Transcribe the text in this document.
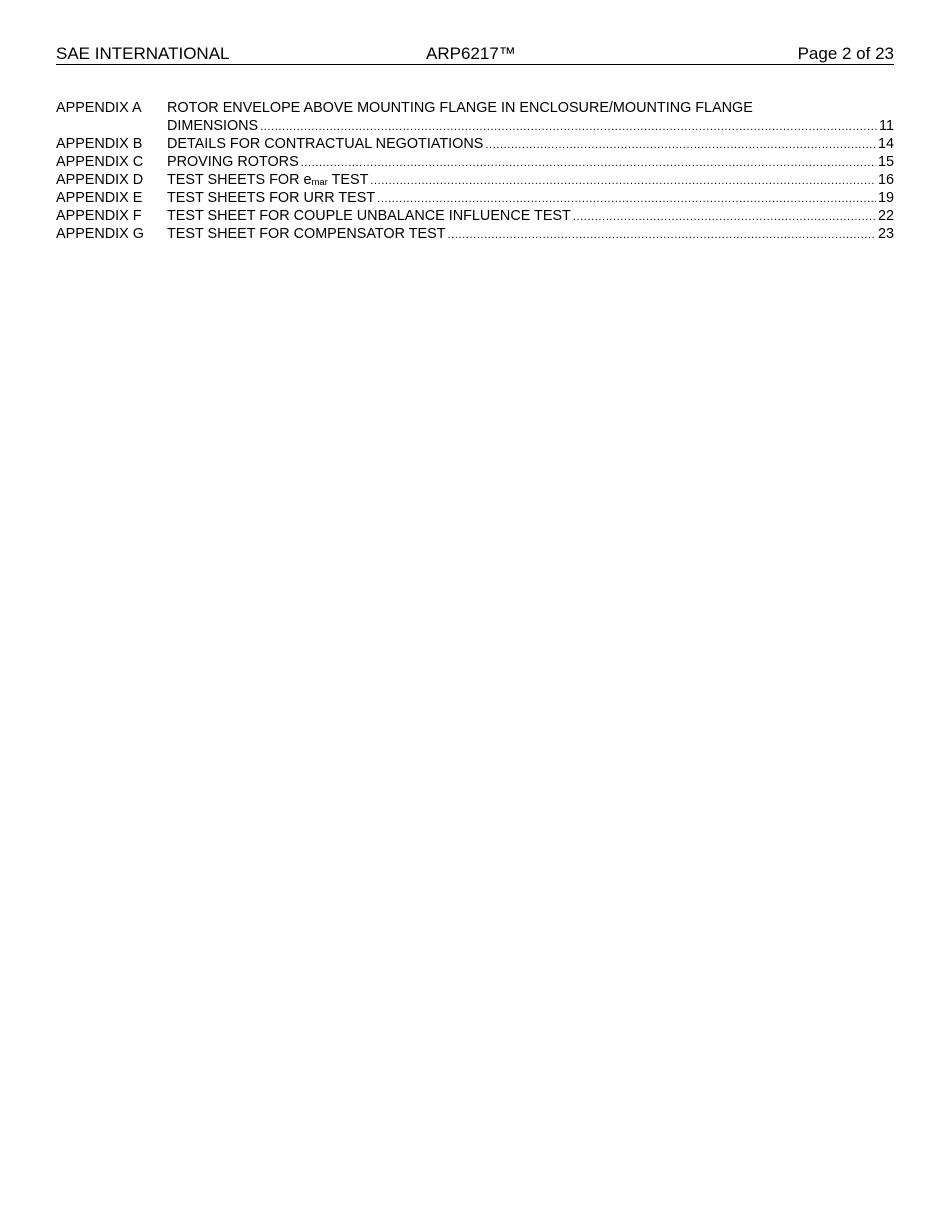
SAE INTERNATIONAL	ARP6217™	Page 2 of 23
APPENDIX A ROTOR ENVELOPE ABOVE MOUNTING FLANGE IN ENCLOSURE/MOUNTING FLANGE
DIMENSIONS .....	11
APPENDIX B DETAILS FOR CONTRACTUAL NEGOTIATIONS .....	14
APPENDIX C PROVING ROTORS .....	15
APPENDIX D TEST SHEETS FOR $e_{mar}$ TEST .....	16
APPENDIX E TEST SHEETS FOR URR TEST .....	19
APPENDIX F TEST SHEET FOR COUPLE UNBALANCE INFLUENCE TEST .....	22
APPENDIX G TEST SHEET FOR COMPENSATOR TEST .....	23
